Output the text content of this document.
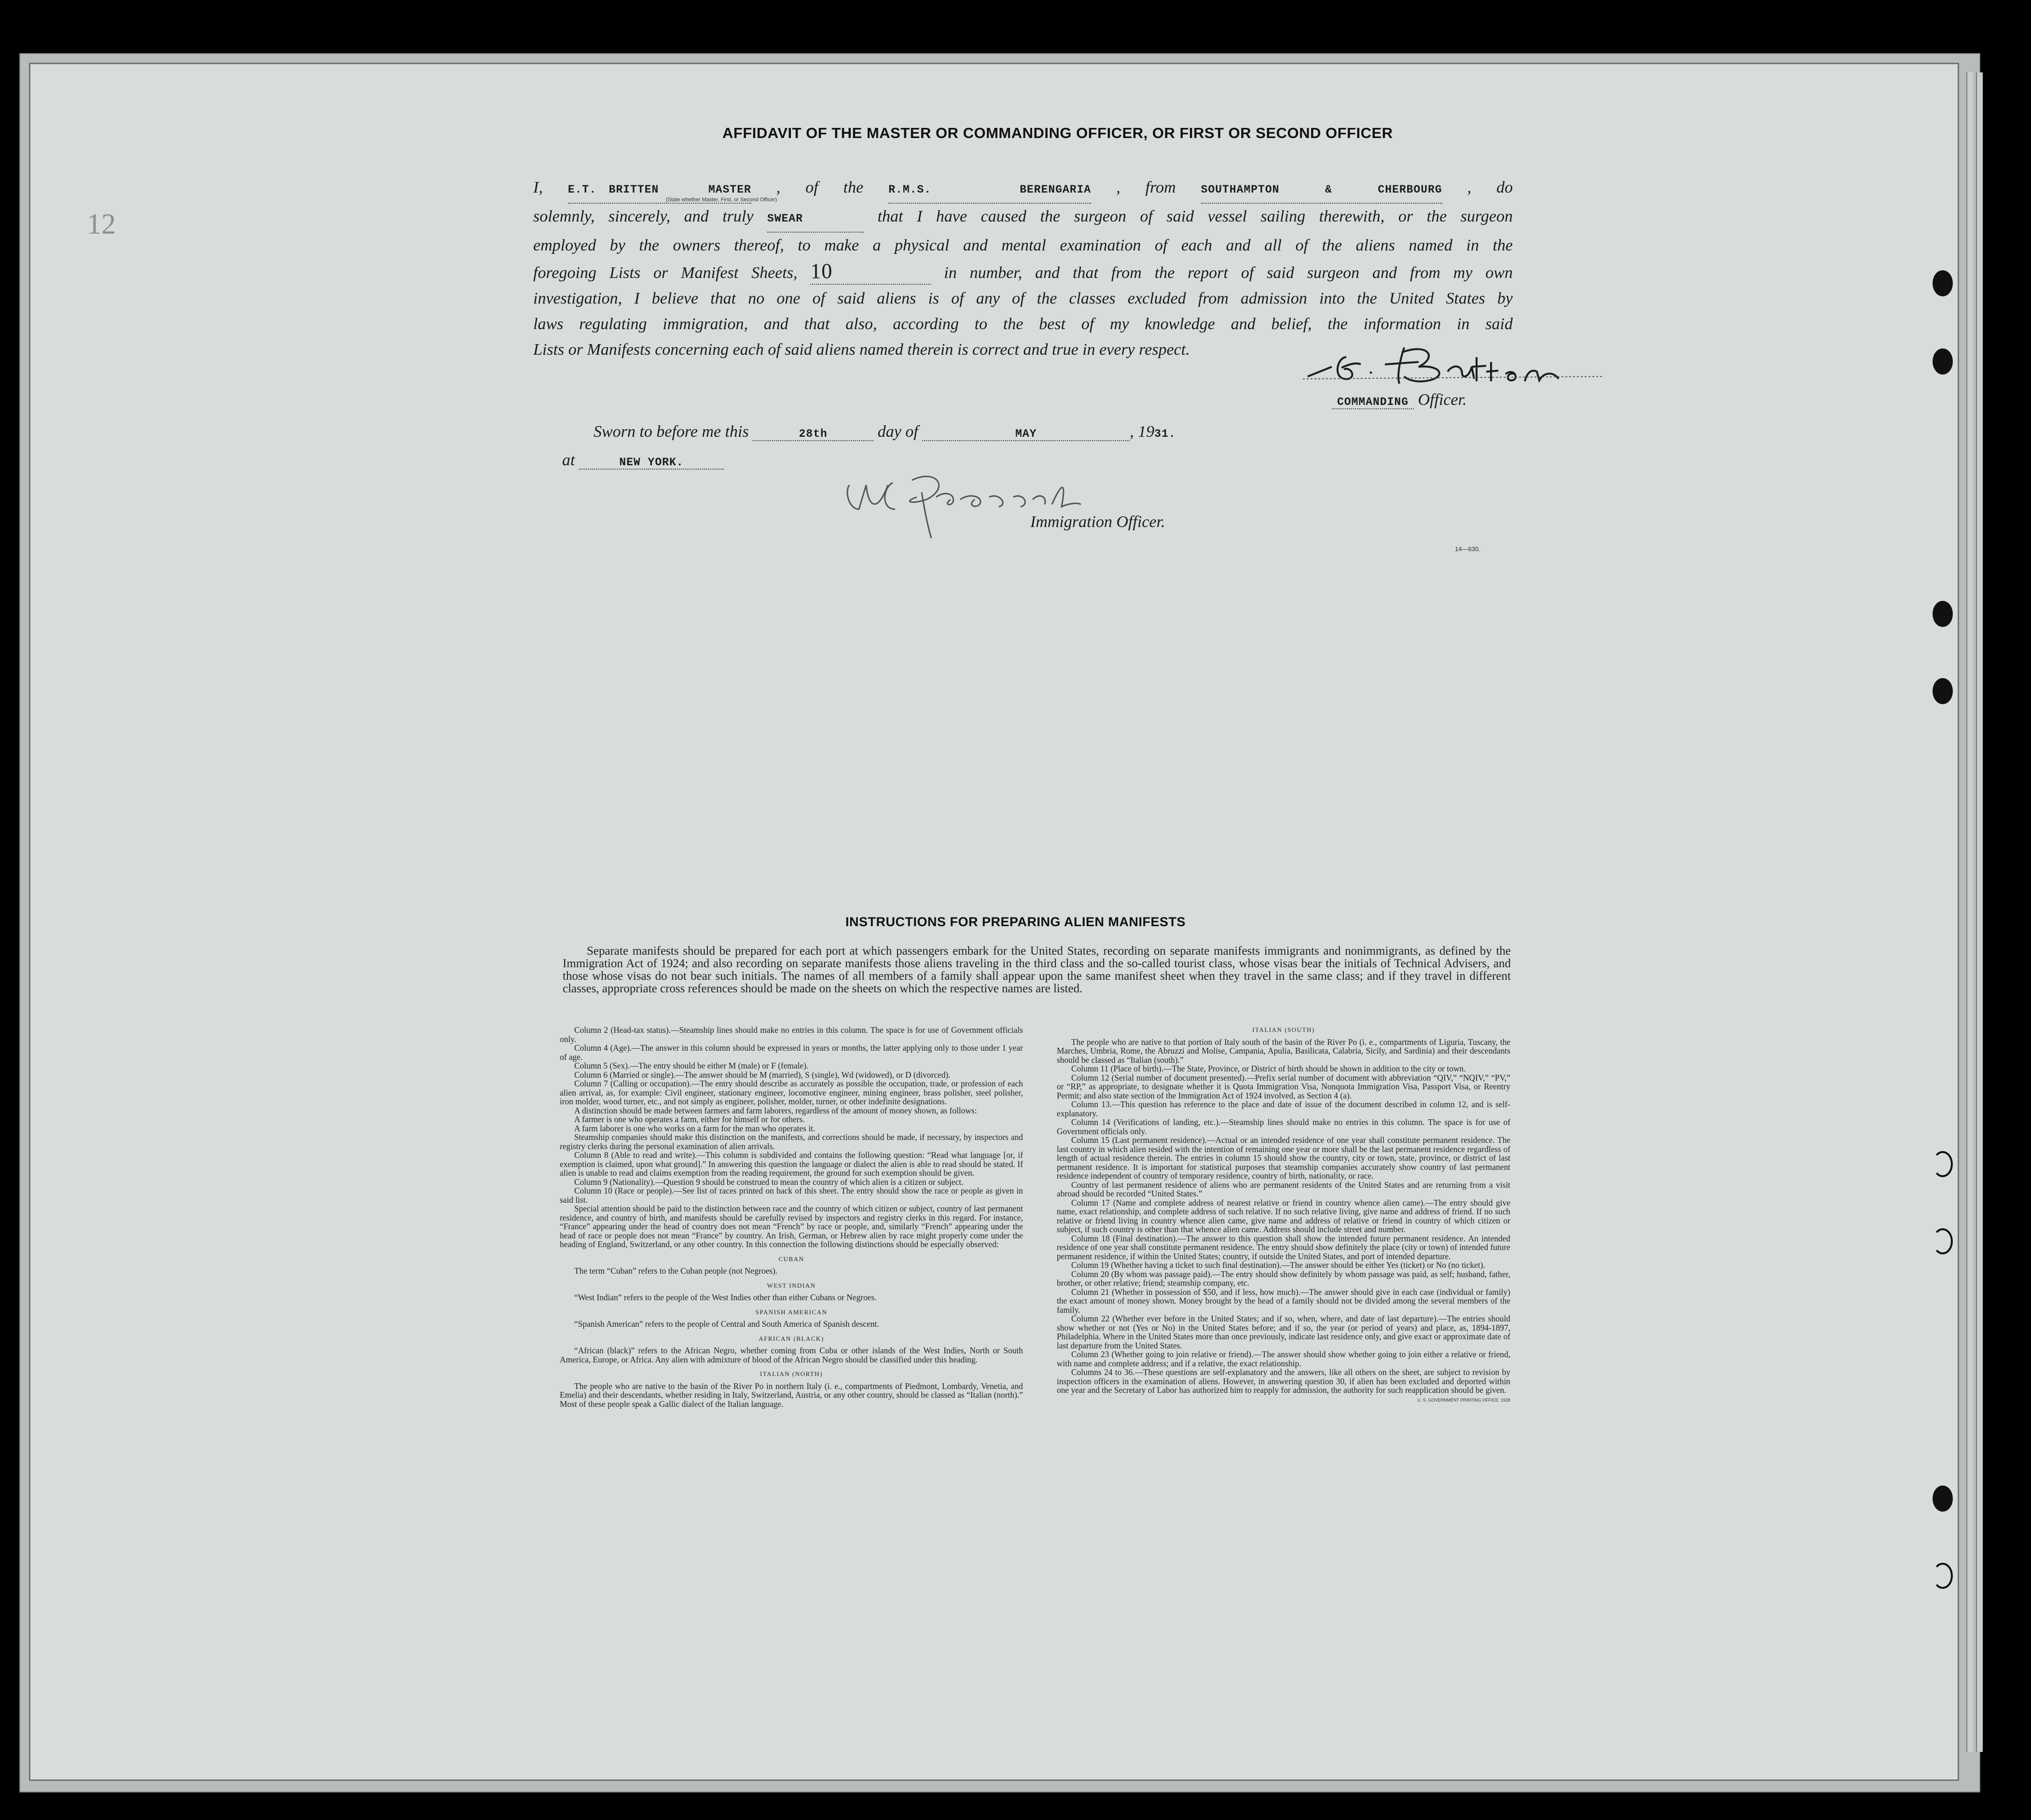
12
AFFIDAVIT OF THE MASTER OR COMMANDING OFFICER, OR FIRST OR SECOND OFFICER
I, E.T. BRITTEN	MASTER , of the R.M.S. BERENGARIA , from SOUTHAMPTON & CHERBOURG , do
solemnly, sincerely, and truly SWEAR	that I have caused the surgeon of said vessel sailing therewith, or the surgeon
employed by the owners thereof, to make a physical and mental examination of each and all of the aliens named in the
foregoing Lists or Manifest Sheets, 10	in number, and that from the report of said surgeon and from my own
investigation, I believe that no one of said aliens is of any of the classes excluded from admission into the United States by
laws regulating immigration, and that also, according to the best of my knowledge and belief, the information in said
Lists or Manifests concerning each of said aliens named therein is correct and true in every respect.
(State whether Master, First, or Second Officer)
COMMANDING Officer.
Sworn to before me this	28th	day of	MAY	, 1931.
at	NEW YORK.
Immigration Officer.
14—630.
INSTRUCTIONS FOR PREPARING ALIEN MANIFESTS

Separate manifests should be prepared for each port at which passengers embark for the United States, recording on separate manifests immigrants and nonimmigrants, as defined by the Immigration Act of 1924; and also recording on separate manifests those aliens traveling in the third class and the so-called tourist class, whose visas bear the initials of Technical Advisers, and those whose visas do not bear such initials. The names of all members of a family shall appear upon the same manifest sheet when they travel in the same class; and if they travel in different classes, appropriate cross references should be made on the sheets on which the respective names are listed.

Column 2 (Head-tax status).—Steamship lines should make no entries in this column. The space is for use of Government officials only.

Column 4 (Age).—The answer in this column should be expressed in years or months, the latter applying only to those under 1 year of age.

Column 5 (Sex).—The entry should be either M (male) or F (female).

Column 6 (Married or single).—The answer should be M (married), S (single), Wd (widowed), or D (divorced).

Column 7 (Calling or occupation).—The entry should describe as accurately as possible the occupation, trade, or profession of each alien arrival, as, for example: Civil engineer, stationary engineer, locomotive engineer, mining engineer, brass polisher, steel polisher, iron molder, wood turner, etc., and not simply as engineer, polisher, molder, turner, or other indefinite designations.

A distinction should be made between farmers and farm laborers, regardless of the amount of money shown, as follows:

A farmer is one who operates a farm, either for himself or for others.

A farm laborer is one who works on a farm for the man who operates it.

Steamship companies should make this distinction on the manifests, and corrections should be made, if necessary, by inspectors and registry clerks during the personal examination of alien arrivals.

Column 8 (Able to read and write).—This column is subdivided and contains the following question: “Read what language [or, if exemption is claimed, upon what ground].” In answering this question the language or dialect the alien is able to read should be stated. If alien is unable to read and claims exemption from the reading requirement, the ground for such exemption should be given.

Column 9 (Nationality).—Question 9 should be construed to mean the country of which alien is a citizen or subject.

Column 10 (Race or people).—See list of races printed on back of this sheet. The entry should show the race or people as given in said list.

Special attention should be paid to the distinction between race and the country of which citizen or subject, country of last permanent residence, and country of birth, and manifests should be carefully revised by inspectors and registry clerks in this regard. For instance, “France” appearing under the head of country does not mean “French” by race or people, and, similarly “French” appearing under the head of race or people does not mean “France” by country. An Irish, German, or Hebrew alien by race might properly come under the heading of England, Switzerland, or any other country. In this connection the following distinctions should be especially observed:

CUBAN

The term “Cuban” refers to the Cuban people (not Negroes).

WEST INDIAN

“West Indian” refers to the people of the West Indies other than either Cubans or Negroes.

SPANISH AMERICAN

“Spanish American” refers to the people of Central and South America of Spanish descent.

AFRICAN (BLACK)

“African (black)” refers to the African Negro, whether coming from Cuba or other islands of the West Indies, North or South America, Europe, or Africa. Any alien with admixture of blood of the African Negro should be classified under this heading.

ITALIAN (NORTH)

The people who are native to the basin of the River Po in northern Italy (i. e., compartments of Piedmont, Lombardy, Venetia, and Emelia) and their descendants, whether residing in Italy, Switzerland, Austria, or any other country, should be classed as “Italian (north).” Most of these people speak a Gallic dialect of the Italian language.

ITALIAN (SOUTH)

The people who are native to that portion of Italy south of the basin of the River Po (i. e., compartments of Liguria, Tuscany, the Marches, Umbria, Rome, the Abruzzi and Molise, Campania, Apulia, Basilicata, Calabria, Sicily, and Sardinia) and their descendants should be classed as “Italian (south).”

Column 11 (Place of birth).—The State, Province, or District of birth should be shown in addition to the city or town.

Column 12 (Serial number of document presented).—Prefix serial number of document with abbreviation “QIV,” “NQIV,” “PV,” or “RP,” as appropriate, to designate whether it is Quota Immigration Visa, Nonquota Immigration Visa, Passport Visa, or Reentry Permit; and also state section of the Immigration Act of 1924 involved, as Section 4 (a).

Column 13.—This question has reference to the place and date of issue of the document described in column 12, and is self-explanatory.

Column 14 (Verifications of landing, etc.).—Steamship lines should make no entries in this column. The space is for use of Government officials only.

Column 15 (Last permanent residence).—Actual or an intended residence of one year shall constitute permanent residence. The last country in which alien resided with the intention of remaining one year or more shall be the last permanent residence regardless of length of actual residence therein. The entries in column 15 should show the country, city or town, state, province, or district of last permanent residence. It is important for statistical purposes that steamship companies accurately show country of last permanent residence independent of country of temporary residence, country of birth, nationality, or race.

Country of last permanent residence of aliens who are permanent residents of the United States and are returning from a visit abroad should be recorded “United States.”

Column 17 (Name and complete address of nearest relative or friend in country whence alien came).—The entry should give name, exact relationship, and complete address of such relative. If no such relative living, give name and address of friend. If no such relative or friend living in country whence alien came, give name and address of relative or friend in country of which citizen or subject, if such country is other than that whence alien came. Address should include street and number.

Column 18 (Final destination).—The answer to this question shall show the intended future permanent residence. An intended residence of one year shall constitute permanent residence. The entry should show definitely the place (city or town) of intended future permanent residence, if within the United States; country, if outside the United States, and port of intended departure.

Column 19 (Whether having a ticket to such final destination).—The answer should be either Yes (ticket) or No (no ticket).

Column 20 (By whom was passage paid).—The entry should show definitely by whom passage was paid, as self; husband, father, brother, or other relative; friend; steamship company, etc.

Column 21 (Whether in possession of $50, and if less, how much).—The answer should give in each case (individual or family) the exact amount of money shown. Money brought by the head of a family should not be divided among the several members of the family.

Column 22 (Whether ever before in the United States; and if so, when, where, and date of last departure).—The entries should show whether or not (Yes or No) in the United States before; and if so, the year (or period of years) and place, as, 1894-1897, Philadelphia. Where in the United States more than once previously, indicate last residence only, and give exact or approximate date of last departure from the United States.

Column 23 (Whether going to join relative or friend).—The answer should show whether going to join either a relative or friend, with name and complete address; and if a relative, the exact relationship.

Columns 24 to 36.—These questions are self-explanatory and the answers, like all others on the sheet, are subject to revision by inspection officers in the examination of aliens. However, in answering question 30, if alien has been excluded and deported within one year and the Secretary of Labor has authorized him to reapply for admission, the authority for such reapplication should be given.

U. S. GOVERNMENT PRINTING OFFICE: 1928
